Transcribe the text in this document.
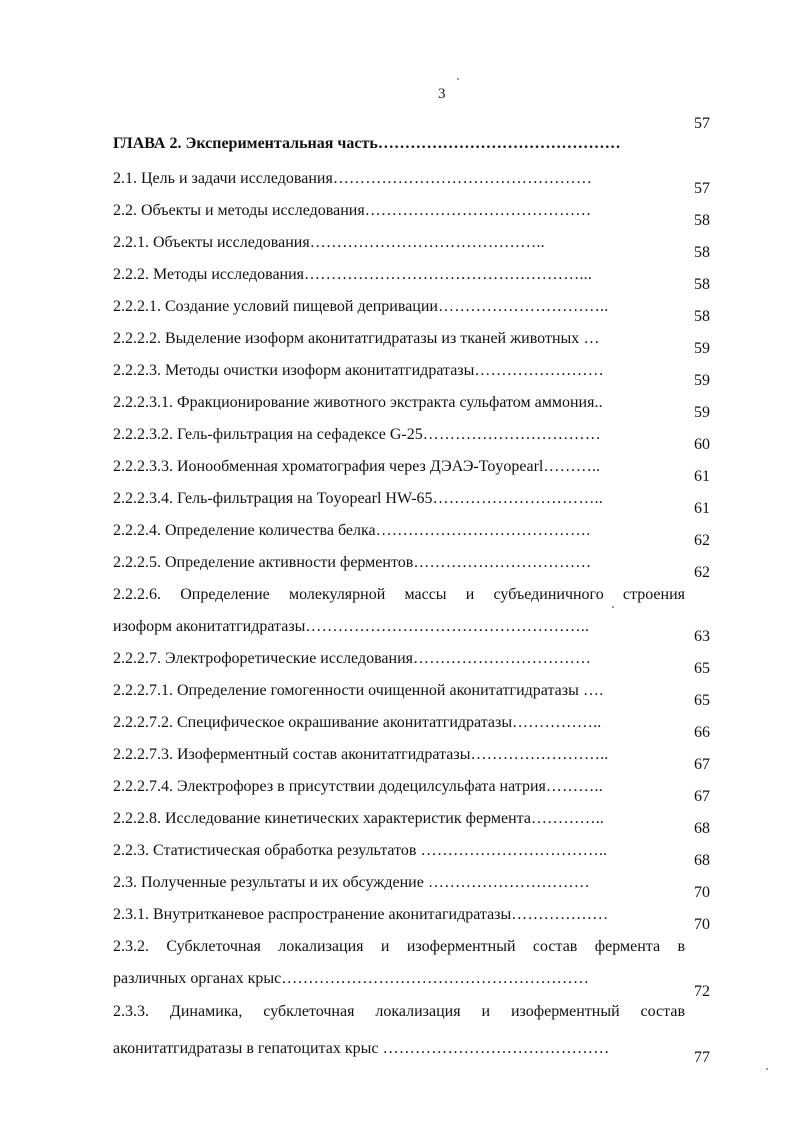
3
ГЛАВА 2. Экспериментальная часть………………………………………
57
2.1. Цель и задачи исследования…………………………………………
57
2.2. Объекты и методы исследования……………………………………
58
2.2.1. Объекты исследования……………………………………..
58
2.2.2. Методы исследования……………………………………………...
58
2.2.2.1. Создание условий пищевой депривации…………………………..
58
2.2.2.2. Выделение изоформ аконитатгидратазы из тканей животных …
59
2.2.2.3. Методы очистки изоформ аконитатгидратазы……………………
59
2.2.2.3.1. Фракционирование животного экстракта сульфатом аммония..
59
2.2.2.3.2. Гель-фильтрация на сефадексе G-25……………………………
60
2.2.2.3.3. Ионообменная хроматография через ДЭАЭ-Toyopearl………..
61
2.2.2.3.4. Гель-фильтрация на Toyopearl HW-65…………………………..
61
2.2.2.4. Определение количества белка………………………………….
62
2.2.2.5. Определение активности ферментов……………………………
62
2.2.2.6. Определение молекулярной массы и субъединичного строения
изоформ аконитатгидратазы……………………………………………..
63
2.2.2.7. Электрофоретические исследования……………………………
65
2.2.2.7.1. Определение гомогенности очищенной аконитатгидратазы ….
65
2.2.2.7.2. Специфическое окрашивание аконитатгидратазы……………..
66
2.2.2.7.3. Изоферментный состав аконитатгидратазы……………………..
67
2.2.2.7.4. Электрофорез в присутствии додецилсульфата натрия………..
67
2.2.2.8. Исследование кинетических характеристик фермента…………..
68
2.2.3. Статистическая обработка результатов ……………………………..
68
2.3. Полученные результаты и их обсуждение …………………………
70
2.3.1. Внутритканевое распространение аконитагидратазы………………
70
2.3.2. Субклеточная локализация и изоферментный состав фермента в
различных органах крыс…………………………………………………
72
2.3.3. Динамика, субклеточная локализация и изоферментный состав
аконитатгидратазы в гепатоцитах крыс ……………………………………
77
